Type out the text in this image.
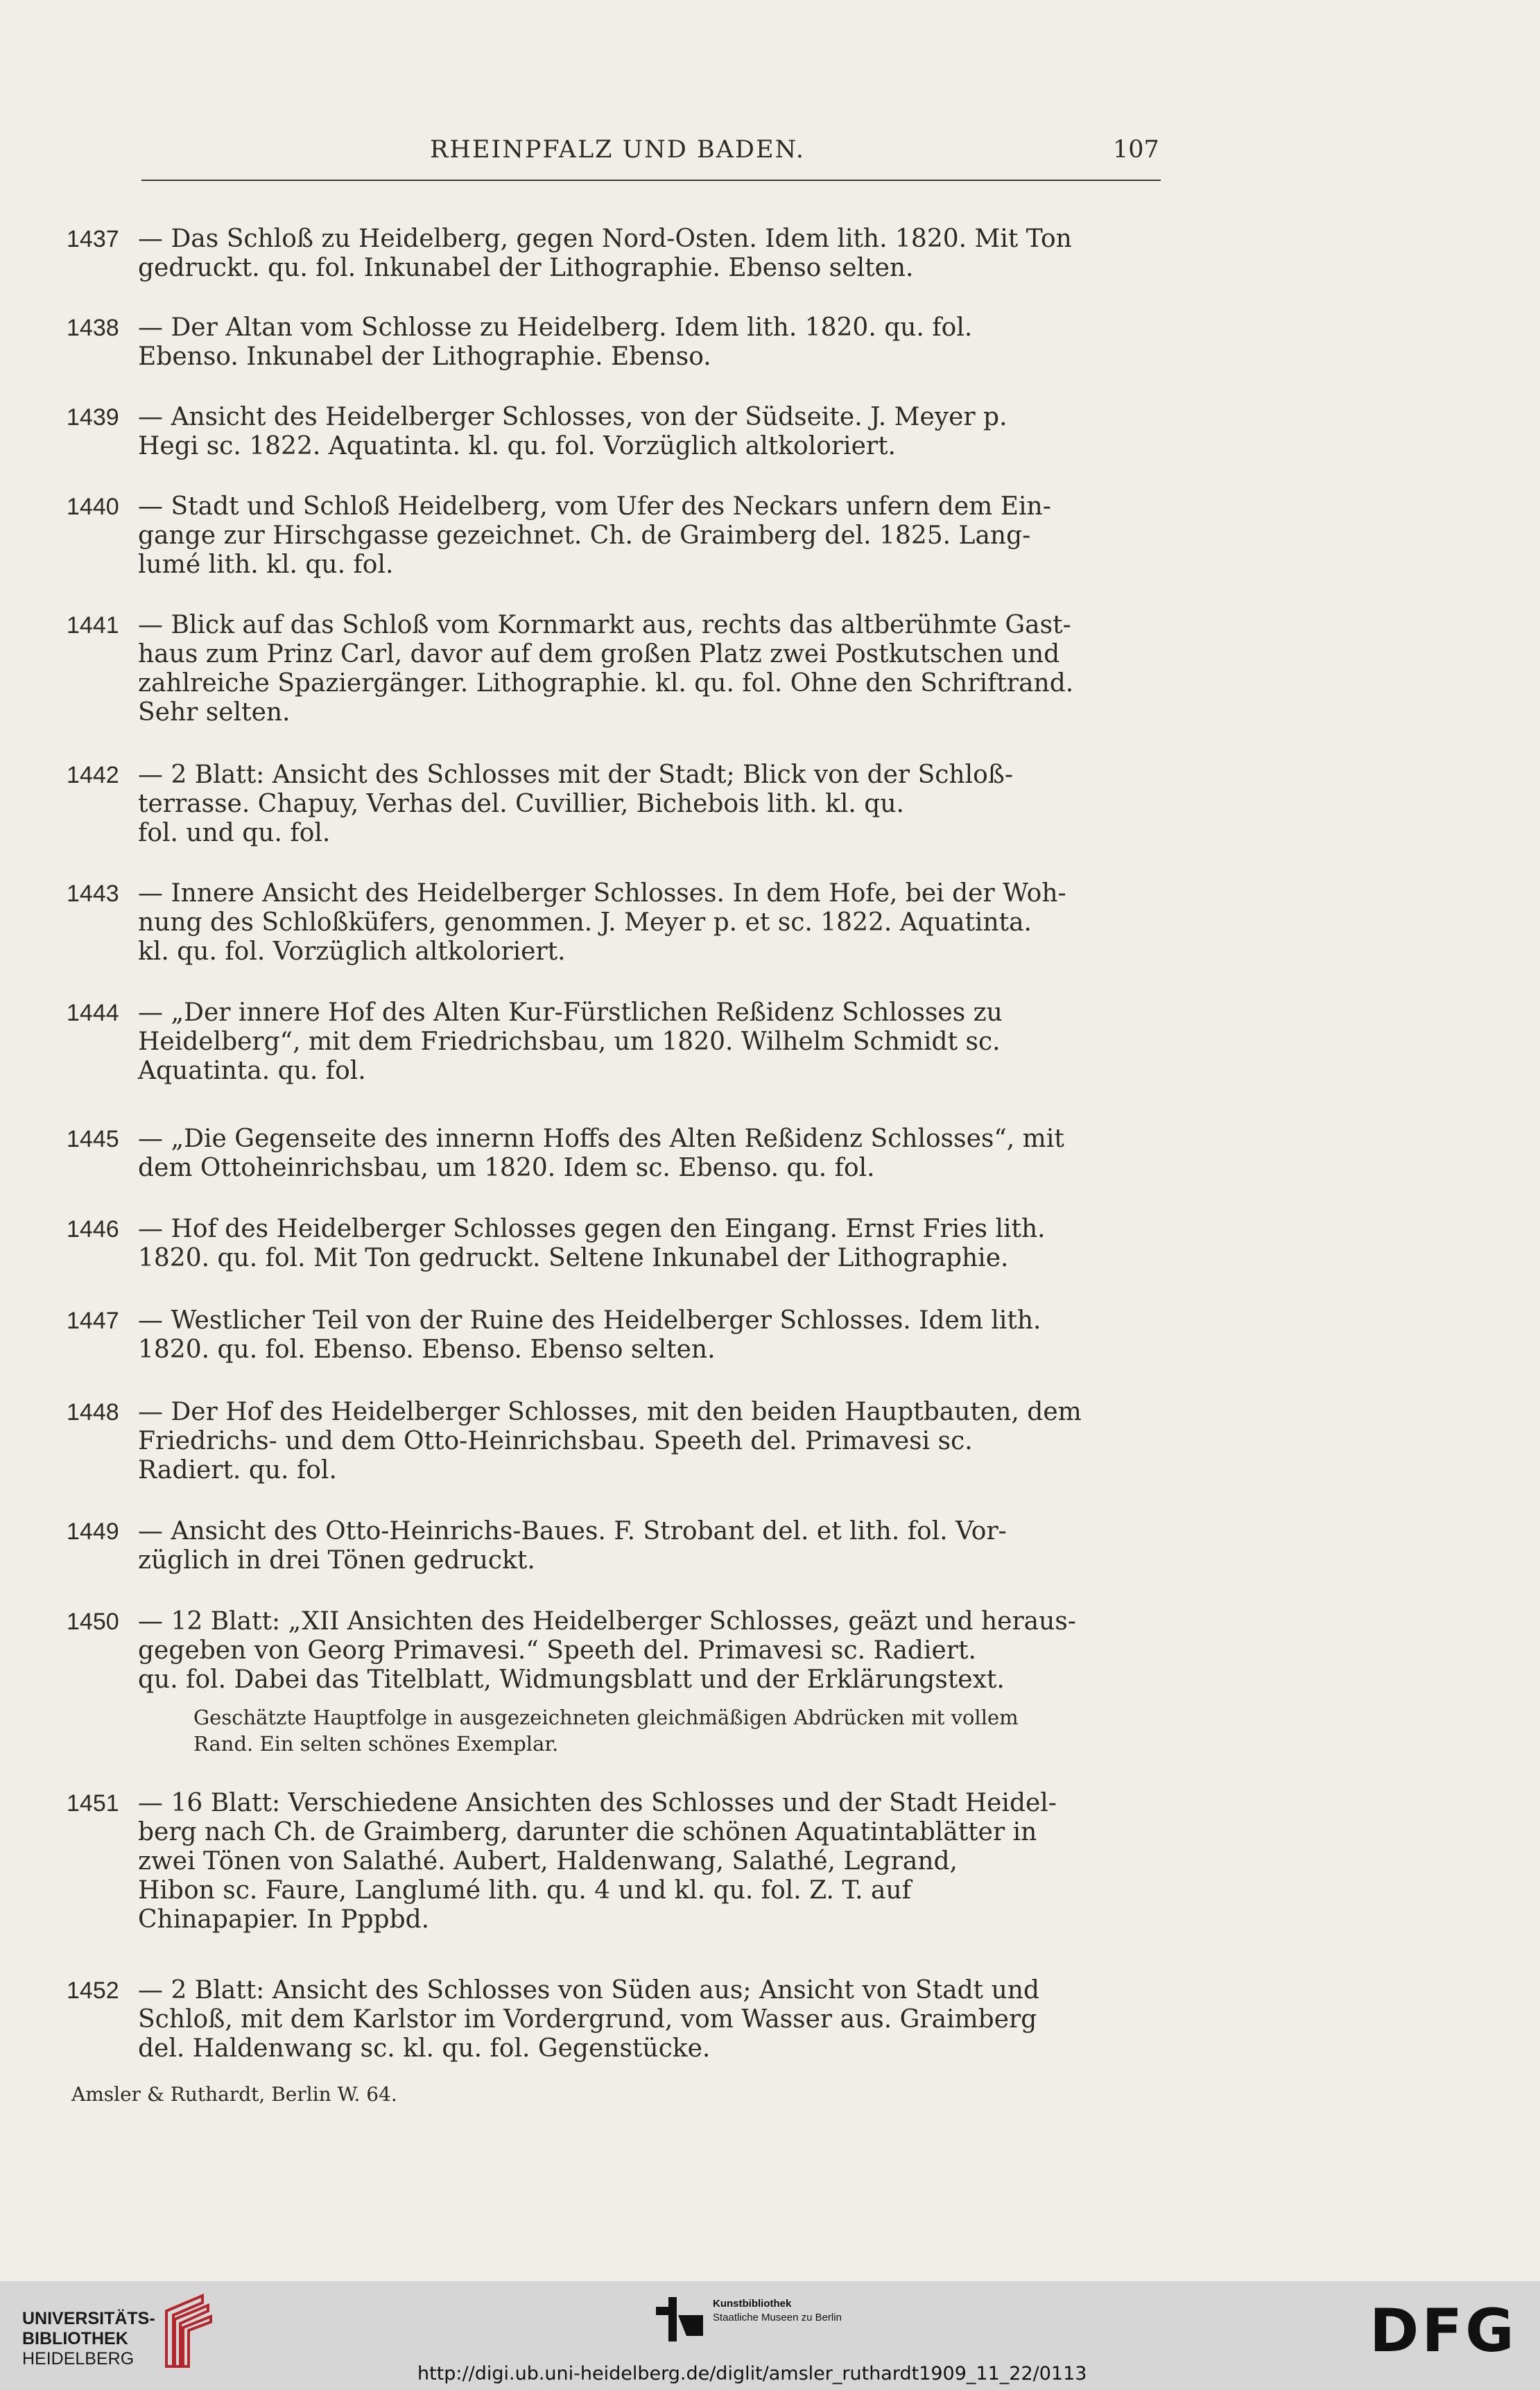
RHEINPFALZ UND BADEN.	107
1437 — Das Schloß zu Heidelberg, gegen Nord-Osten. Idem lith. 1820. Mit Ton
gedruckt. qu. fol. Inkunabel der Lithographie. Ebenso selten.
1438 — Der Altan vom Schlosse zu Heidelberg. Idem lith. 1820. qu. fol.
Ebenso. Inkunabel der Lithographie. Ebenso.
1439 — Ansicht des Heidelberger Schlosses, von der Südseite. J. Meyer p.
Hegi sc. 1822. Aquatinta. kl. qu. fol. Vorzüglich altkoloriert.
1440 — Stadt und Schloß Heidelberg, vom Ufer des Neckars unfern dem Ein-
gange zur Hirschgasse gezeichnet. Ch. de Graimberg del. 1825. Lang-
lumé lith. kl. qu. fol.
1441 — Blick auf das Schloß vom Kornmarkt aus, rechts das altberühmte Gast-
haus zum Prinz Carl, davor auf dem großen Platz zwei Postkutschen und
zahlreiche Spaziergänger. Lithographie. kl. qu. fol. Ohne den Schriftrand.
Sehr selten.
1442 — 2 Blatt: Ansicht des Schlosses mit der Stadt; Blick von der Schloß-
terrasse. Chapuy, Verhas del. Cuvillier, Bichebois lith. kl. qu.
fol. und qu. fol.
1443 — Innere Ansicht des Heidelberger Schlosses. In dem Hofe, bei der Woh-
nung des Schloßküfers, genommen. J. Meyer p. et sc. 1822. Aquatinta.
kl. qu. fol. Vorzüglich altkoloriert.
1444 — „Der innere Hof des Alten Kur-Fürstlichen Reßidenz Schlosses zu
Heidelberg“, mit dem Friedrichsbau, um 1820. Wilhelm Schmidt sc.
Aquatinta. qu. fol.
1445 — „Die Gegenseite des innernn Hoffs des Alten Reßidenz Schlosses“, mit
dem Ottoheinrichsbau, um 1820. Idem sc. Ebenso. qu. fol.
1446 — Hof des Heidelberger Schlosses gegen den Eingang. Ernst Fries lith.
1820. qu. fol. Mit Ton gedruckt. Seltene Inkunabel der Lithographie.
1447 — Westlicher Teil von der Ruine des Heidelberger Schlosses. Idem lith.
1820. qu. fol. Ebenso. Ebenso. Ebenso selten.
1448 — Der Hof des Heidelberger Schlosses, mit den beiden Hauptbauten, dem
Friedrichs- und dem Otto-Heinrichsbau. Speeth del. Primavesi sc.
Radiert. qu. fol.
1449 — Ansicht des Otto-Heinrichs-Baues. F. Strobant del. et lith. fol. Vor-
züglich in drei Tönen gedruckt.
1450 — 12 Blatt: „XII Ansichten des Heidelberger Schlosses, geäzt und heraus-
gegeben von Georg Primavesi.“ Speeth del. Primavesi sc. Radiert.
qu. fol. Dabei das Titelblatt, Widmungsblatt und der Erklärungstext.
Geschätzte Hauptfolge in ausgezeichneten gleichmäßigen Abdrücken mit vollem
Rand. Ein selten schönes Exemplar.
1451 — 16 Blatt: Verschiedene Ansichten des Schlosses und der Stadt Heidel-
berg nach Ch. de Graimberg, darunter die schönen Aquatintablätter in
zwei Tönen von Salathé. Aubert, Haldenwang, Salathé, Legrand,
Hibon sc. Faure, Langlumé lith. qu. 4 und kl. qu. fol. Z. T. auf
Chinapapier. In Pppbd.
1452 — 2 Blatt: Ansicht des Schlosses von Süden aus; Ansicht von Stadt und
Schloß, mit dem Karlstor im Vordergrund, vom Wasser aus. Graimberg
del. Haldenwang sc. kl. qu. fol. Gegenstücke.
Amsler & Ruthardt, Berlin W. 64.
UNIVERSITÄTS-
BIBLIOTHEK
HEIDELBERG
Kunstbibliothek
Staatliche Museen zu Berlin	DFG
http://digi.ub.uni-heidelberg.de/diglit/amsler_ruthardt1909_11_22/0113
